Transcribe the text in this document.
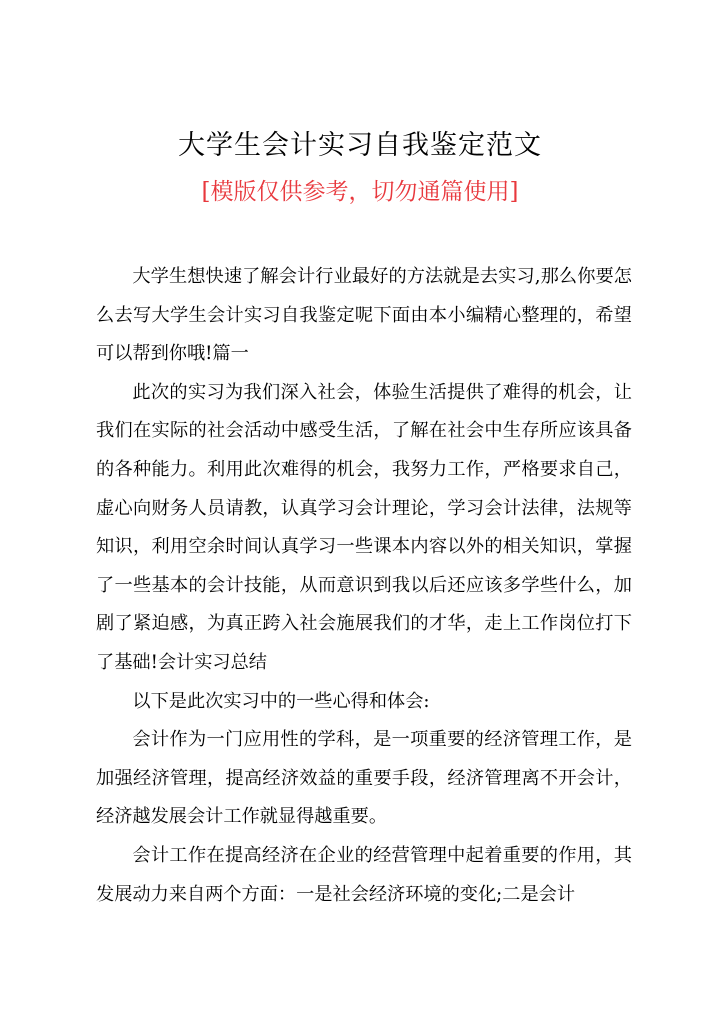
大学生会计实习自我鉴定范文
[模版仅供参考，切勿通篇使用]

大学生想快速了解会计行业最好的方法就是去实习,那么你要怎么去写大学生会计实习自我鉴定呢下面由本小编精心整理的，希望可以帮到你哦!篇一

此次的实习为我们深入社会，体验生活提供了难得的机会，让我们在实际的社会活动中感受生活，了解在社会中生存所应该具备的各种能力。利用此次难得的机会，我努力工作，严格要求自己，虚心向财务人员请教，认真学习会计理论，学习会计法律，法规等知识，利用空余时间认真学习一些课本内容以外的相关知识，掌握了一些基本的会计技能，从而意识到我以后还应该多学些什么，加剧了紧迫感，为真正跨入社会施展我们的才华，走上工作岗位打下了基础!会计实习总结

以下是此次实习中的一些心得和体会:

会计作为一门应用性的学科，是一项重要的经济管理工作，是加强经济管理，提高经济效益的重要手段，经济管理离不开会计，经济越发展会计工作就显得越重要。

会计工作在提高经济在企业的经营管理中起着重要的作用，其发展动力来自两个方面：一是社会经济环境的变化;二是会计
